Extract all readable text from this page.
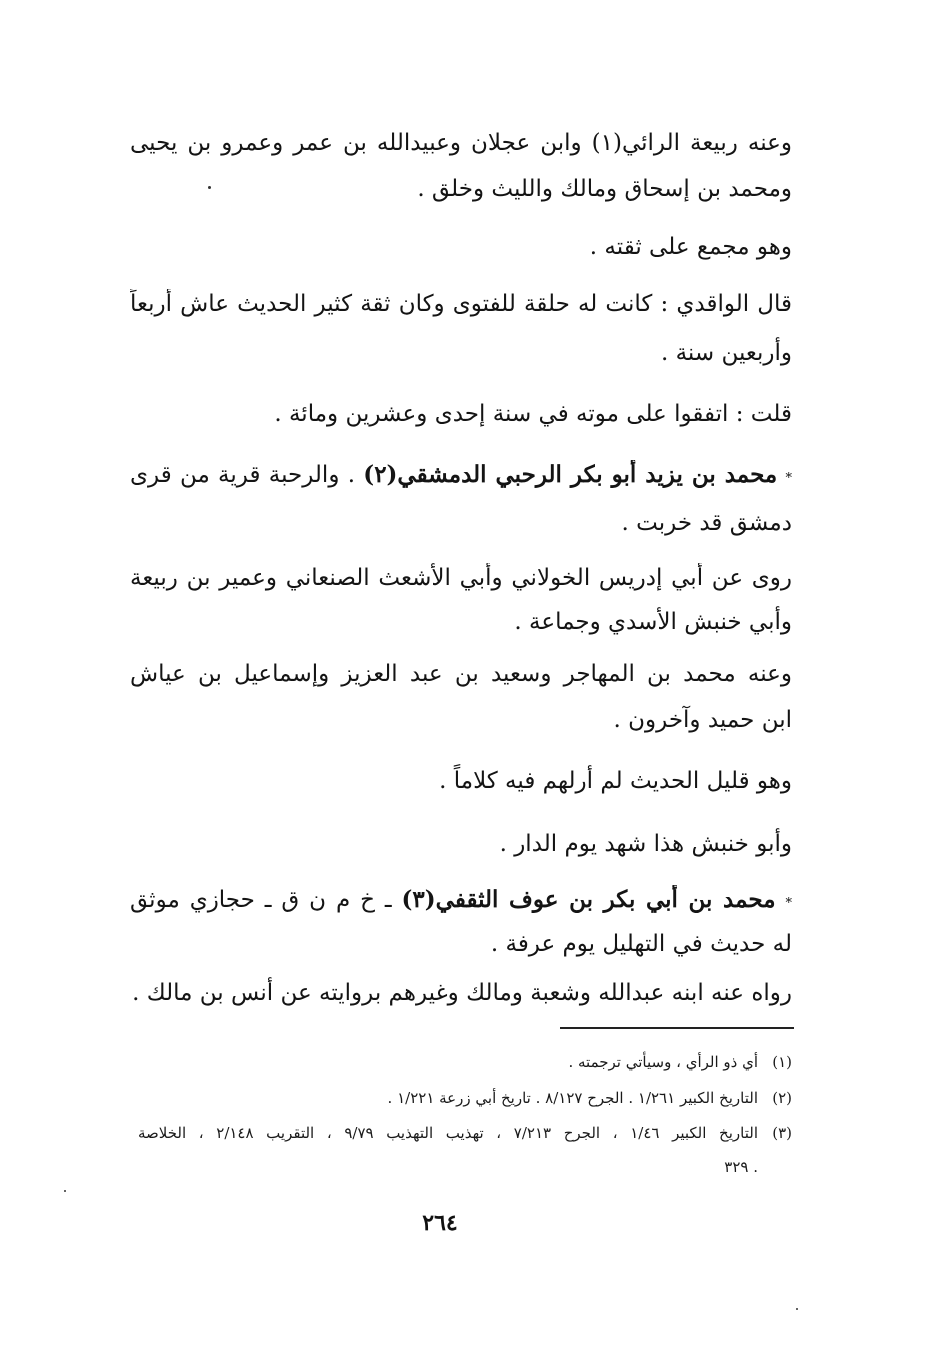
وعنه ربيعة الرائي(١) وابن عجلان وعبيدالله بن عمر وعمرو بن يحيى
ومحمد بن إسحاق ومالك والليث وخلق .
وهو مجمع على ثقته .
قال الواقدي : كانت له حلقة للفتوى وكان ثقة كثير الحديث عاش أربعاً
وأربعين سنة .
قلت : اتفقوا على موته في سنة إحدى وعشرين ومائة .
* محمد بن يزيد أبو بكر الرحبي الدمشقي(٢) . والرحبة قرية من قرى
دمشق قد خربت .
روى عن أبي إدريس الخولاني وأبي الأشعث الصنعاني وعمير بن ربيعة
وأبي خنبش الأسدي وجماعة .
وعنه محمد بن المهاجر وسعيد بن عبد العزيز وإسماعيل بن عياش
ابن حميد وآخرون .
وهو قليل الحديث لم أرلهم فيه كلاماً .
وأبو خنبش هذا شهد يوم الدار .
* محمد بن أبي بكر بن عوف الثقفي(٣) ـ خ م ن ق ـ حجازي موثق
له حديث في التهليل يوم عرفة .
رواه عنه ابنه عبدالله وشعبة ومالك وغيرهم بروايته عن أنس بن مالك .
(١)
أي ذو الرأي ، وسيأتي ترجمته .
(٢)
التاريخ الكبير ١/٢٦١ . الجرح ٨/١٢٧ . تاريخ أبي زرعة ١/٢٢١ .
(٣)
التاريخ الكبير ١/٤٦ ، الجرح ٧/٢١٣ ، تهذيب التهذيب ٩/٧٩ ، التقريب ٢/١٤٨ ، الخلاصة
٣٢٩ .
٢٦٤
